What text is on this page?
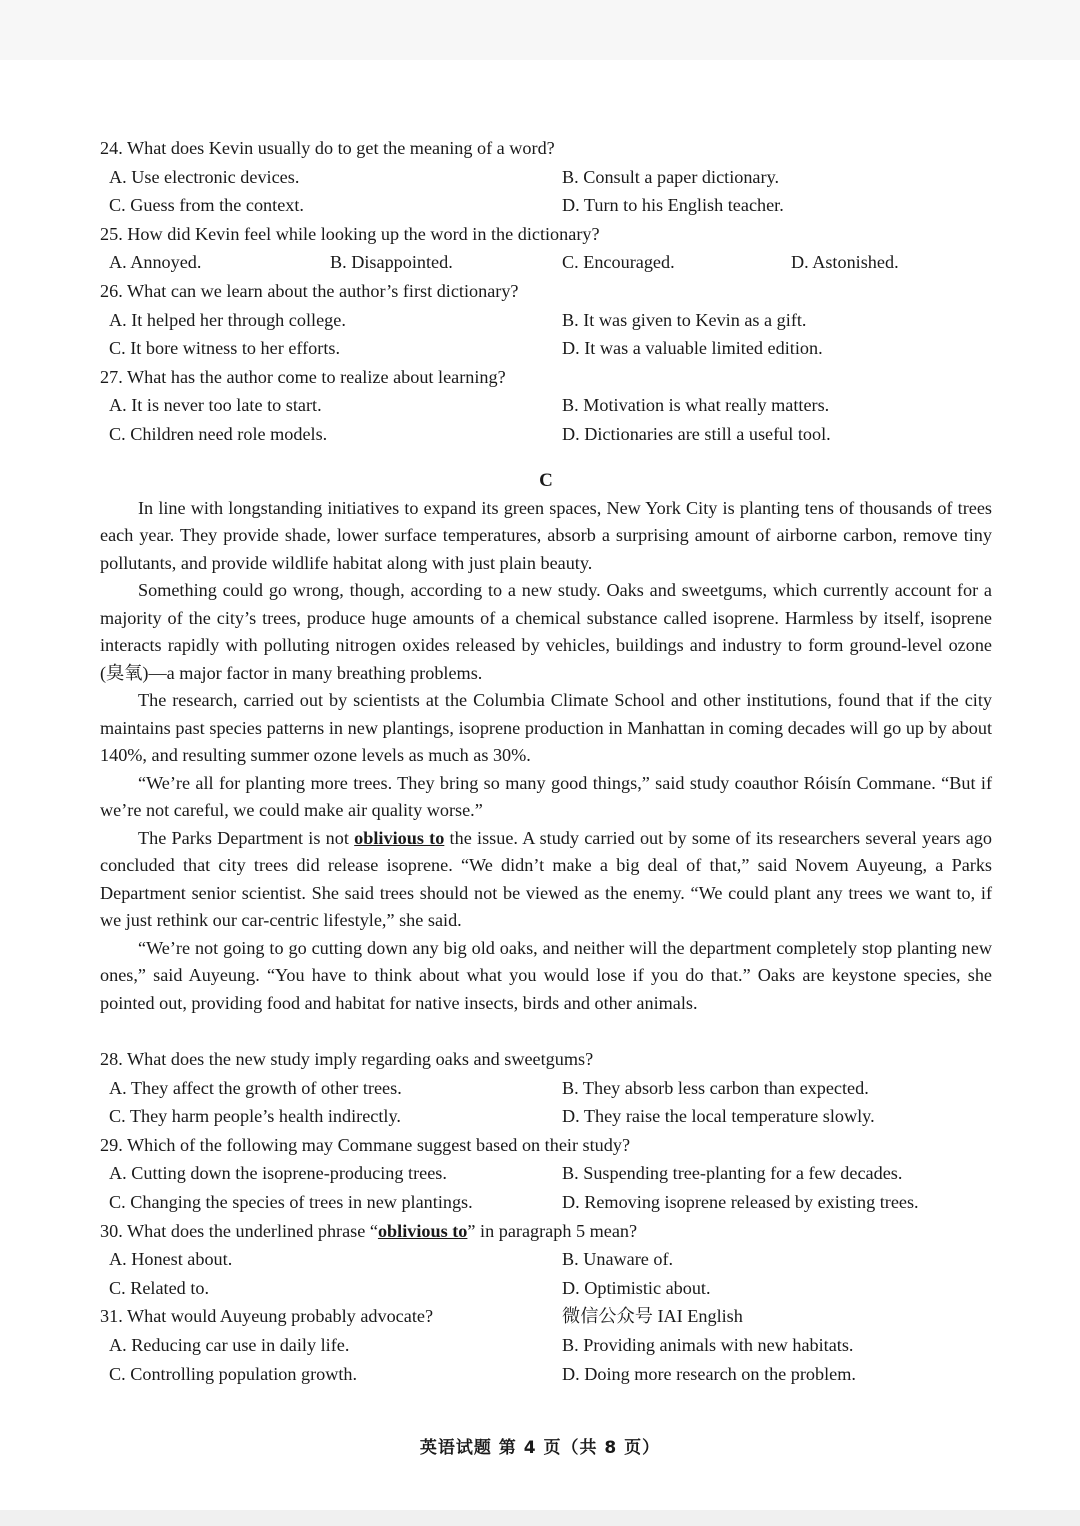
24. What does Kevin usually do to get the meaning of a word?
A. Use electronic devices.	B. Consult a paper dictionary.
C. Guess from the context.	D. Turn to his English teacher.
25. How did Kevin feel while looking up the word in the dictionary?
A. Annoyed.	B. Disappointed.	C. Encouraged.	D. Astonished.
26. What can we learn about the author’s first dictionary?
A. It helped her through college.	B. It was given to Kevin as a gift.
C. It bore witness to her efforts.	D. It was a valuable limited edition.
27. What has the author come to realize about learning?
A. It is never too late to start.	B. Motivation is what really matters.
C. Children need role models.	D. Dictionaries are still a useful tool.
C

In line with longstanding initiatives to expand its green spaces, New York City is planting tens of thousands of trees each year. They provide shade, lower surface temperatures, absorb a surprising amount of airborne carbon, remove tiny pollutants, and provide wildlife habitat along with just plain beauty.

Something could go wrong, though, according to a new study. Oaks and sweetgums, which currently account for a majority of the city’s trees, produce huge amounts of a chemical substance called isoprene. Harmless by itself, isoprene interacts rapidly with polluting nitrogen oxides released by vehicles, buildings and industry to form ground-level ozone (臭氧)—a major factor in many breathing problems.

The research, carried out by scientists at the Columbia Climate School and other institutions, found that if the city maintains past species patterns in new plantings, isoprene production in Manhattan in coming decades will go up by about 140%, and resulting summer ozone levels as much as 30%.

“We’re all for planting more trees. They bring so many good things,” said study coauthor Róisín Commane. “But if we’re not careful, we could make air quality worse.”

The Parks Department is not oblivious to the issue. A study carried out by some of its researchers several years ago concluded that city trees did release isoprene. “We didn’t make a big deal of that,” said Novem Auyeung, a Parks Department senior scientist. She said trees should not be viewed as the enemy. “We could plant any trees we want to, if we just rethink our car-centric lifestyle,” she said.

“We’re not going to go cutting down any big old oaks, and neither will the department completely stop planting new ones,” said Auyeung. “You have to think about what you would lose if you do that.” Oaks are keystone species, she pointed out, providing food and habitat for native insects, birds and other animals.

28. What does the new study imply regarding oaks and sweetgums?
A. They affect the growth of other trees.	B. They absorb less carbon than expected.
C. They harm people’s health indirectly.	D. They raise the local temperature slowly.
29. Which of the following may Commane suggest based on their study?
A. Cutting down the isoprene-producing trees.	B. Suspending tree-planting for a few decades.
C. Changing the species of trees in new plantings.	D. Removing isoprene released by existing trees.
30. What does the underlined phrase “oblivious to” in paragraph 5 mean?
A. Honest about.	B. Unaware of.
C. Related to.	D. Optimistic about.
31. What would Auyeung probably advocate?	微信公众号 IAI English
A. Reducing car use in daily life.	B. Providing animals with new habitats.
C. Controlling population growth.	D. Doing more research on the problem.
英语试题 第 4 页（共 8 页）
